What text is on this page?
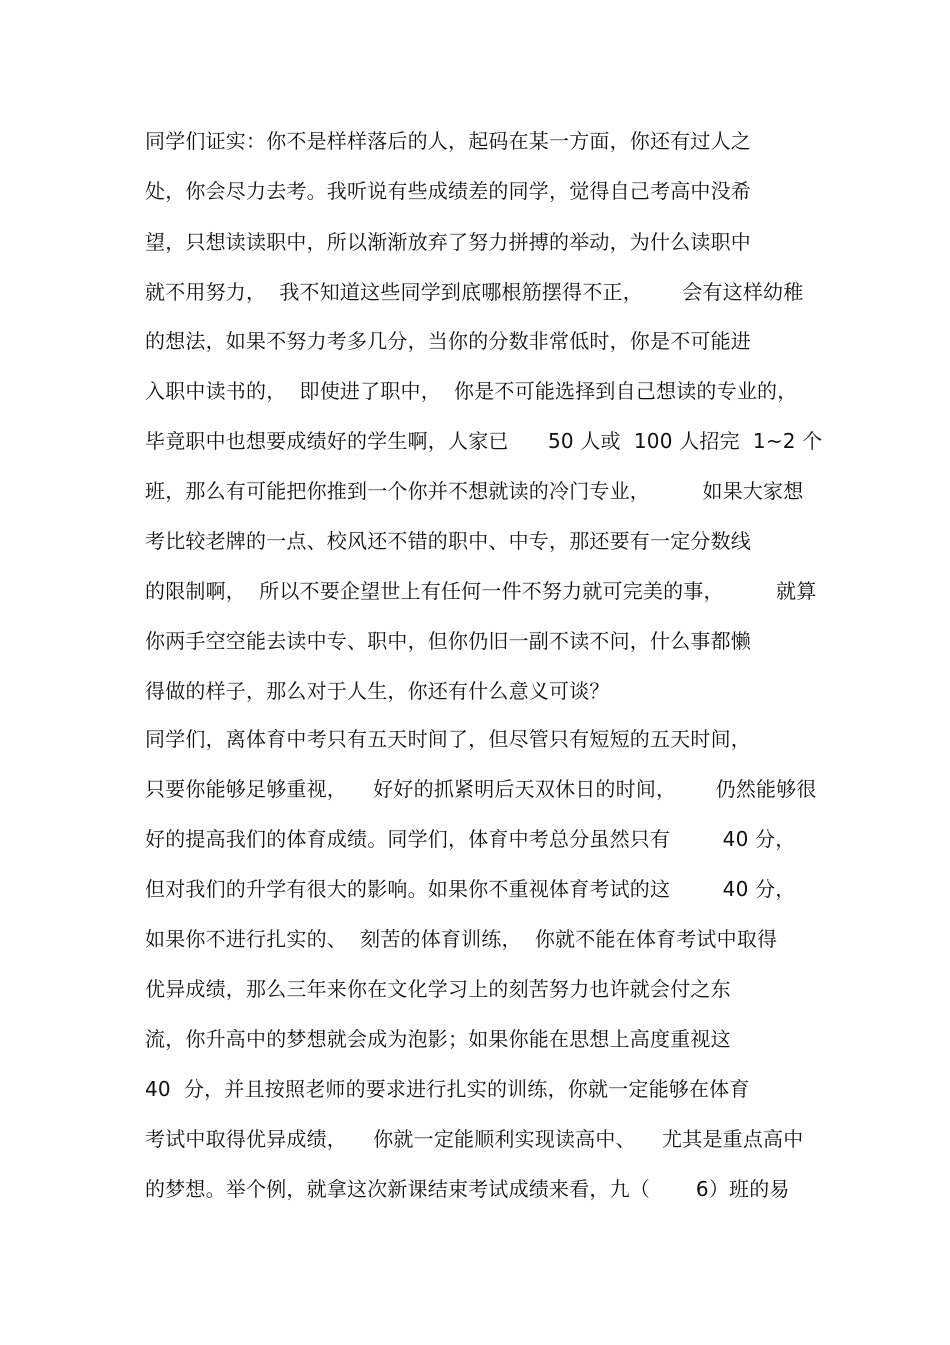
同学们证实：你不是样样落后的人，起码在某一方面，你还有过人之
处，你会尽力去考。我听说有些成绩差的同学，觉得自己考高中没希
望，只想读读职中，所以渐渐放弃了努力拼搏的举动，为什么读职中
就不用努力，  我不知道这些同学到底哪根筋摆得不正，      会有这样幼稚
的想法，如果不努力考多几分，当你的分数非常低时，你是不可能进
入职中读书的，  即使进了职中，  你是不可能选择到自己想读的专业的，
毕竟职中也想要成绩好的学生啊，人家已      50 人或  100 人招完  1~2 个
班，那么有可能把你推到一个你并不想就读的冷门专业，        如果大家想
考比较老牌的一点、校风还不错的职中、中专，那还要有一定分数线
的限制啊，  所以不要企望世上有任何一件不努力就可完美的事，        就算
你两手空空能去读中专、职中，但你仍旧一副不读不问，什么事都懒
得做的样子，那么对于人生，你还有什么意义可谈？
同学们，离体育中考只有五天时间了，但尽管只有短短的五天时间，
只要你能够足够重视，    好好的抓紧明后天双休日的时间，      仍然能够很
好的提高我们的体育成绩。同学们，体育中考总分虽然只有        40 分，
但对我们的升学有很大的影响。如果你不重视体育考试的这        40 分，
如果你不进行扎实的、  刻苦的体育训练，  你就不能在体育考试中取得
优异成绩，那么三年来你在文化学习上的刻苦努力也许就会付之东
流，你升高中的梦想就会成为泡影；如果你能在思想上高度重视这
40  分，并且按照老师的要求进行扎实的训练，你就一定能够在体育
考试中取得优异成绩，    你就一定能顺利实现读高中、    尤其是重点高中
的梦想。举个例，就拿这次新课结束考试成绩来看，九（       6）班的易
